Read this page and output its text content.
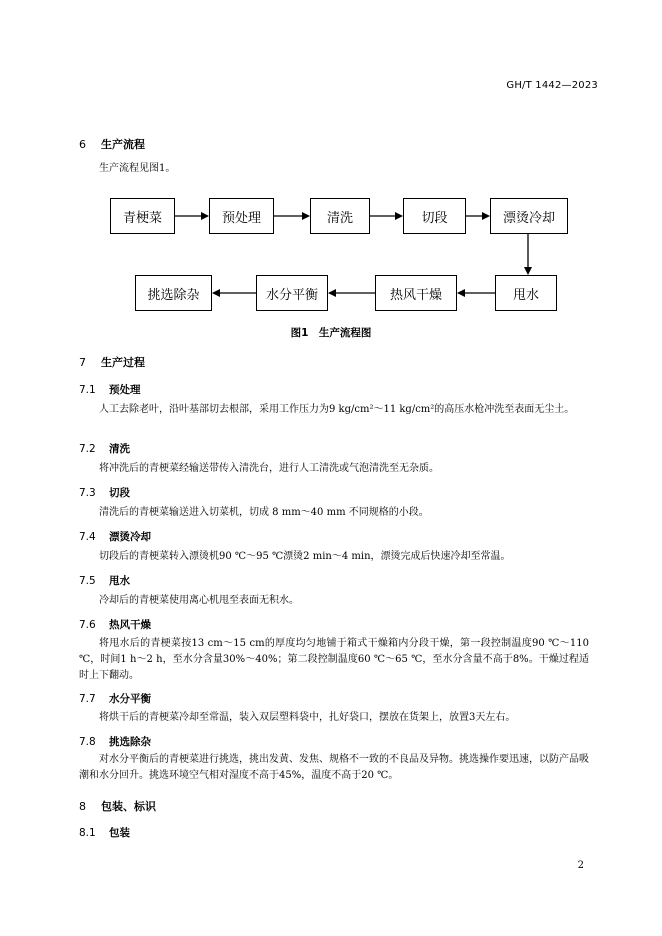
GH/T 1442—2023
6 生产流程
生产流程见图1。
青梗菜	预处理	清洗	切段	漂烫冷却
挑选除杂	水分平衡	热风干燥	甩水
图1　生产流程图
7 生产过程
7.1 预处理
人工去除老叶，沿叶基部切去根部，采用工作压力为9 kg/cm²～11 kg/cm²的高压水枪冲洗至表面无尘土。
7.2 清洗
将冲洗后的青梗菜经输送带传入清洗台，进行人工清洗或气泡清洗至无杂质。
7.3 切段
清洗后的青梗菜输送进入切菜机，切成 8 mm～40 mm 不同规格的小段。
7.4 漂烫冷却
切段后的青梗菜转入漂烫机90 ℃～95 ℃漂烫2 min～4 min，漂烫完成后快速冷却至常温。
7.5 甩水
冷却后的青梗菜使用离心机甩至表面无积水。
7.6 热风干燥
将甩水后的青梗菜按13 cm～15 cm的厚度均匀地铺于箱式干燥箱内分段干燥，第一段控制温度90 ℃～110 ℃，时间1 h～2 h，至水分含量30%～40%；第二段控制温度60 ℃～65 ℃，至水分含量不高于8%。干燥过程适时上下翻动。
7.7 水分平衡
将烘干后的青梗菜冷却至常温，装入双层塑料袋中，扎好袋口，摆放在货架上，放置3天左右。
7.8 挑选除杂
对水分平衡后的青梗菜进行挑选，挑出发黄、发焦、规格不一致的不良品及异物。挑选操作要迅速，以防产品吸潮和水分回升。挑选环境空气相对湿度不高于45%，温度不高于20 ℃。
8 包装、标识
8.1 包装
2
